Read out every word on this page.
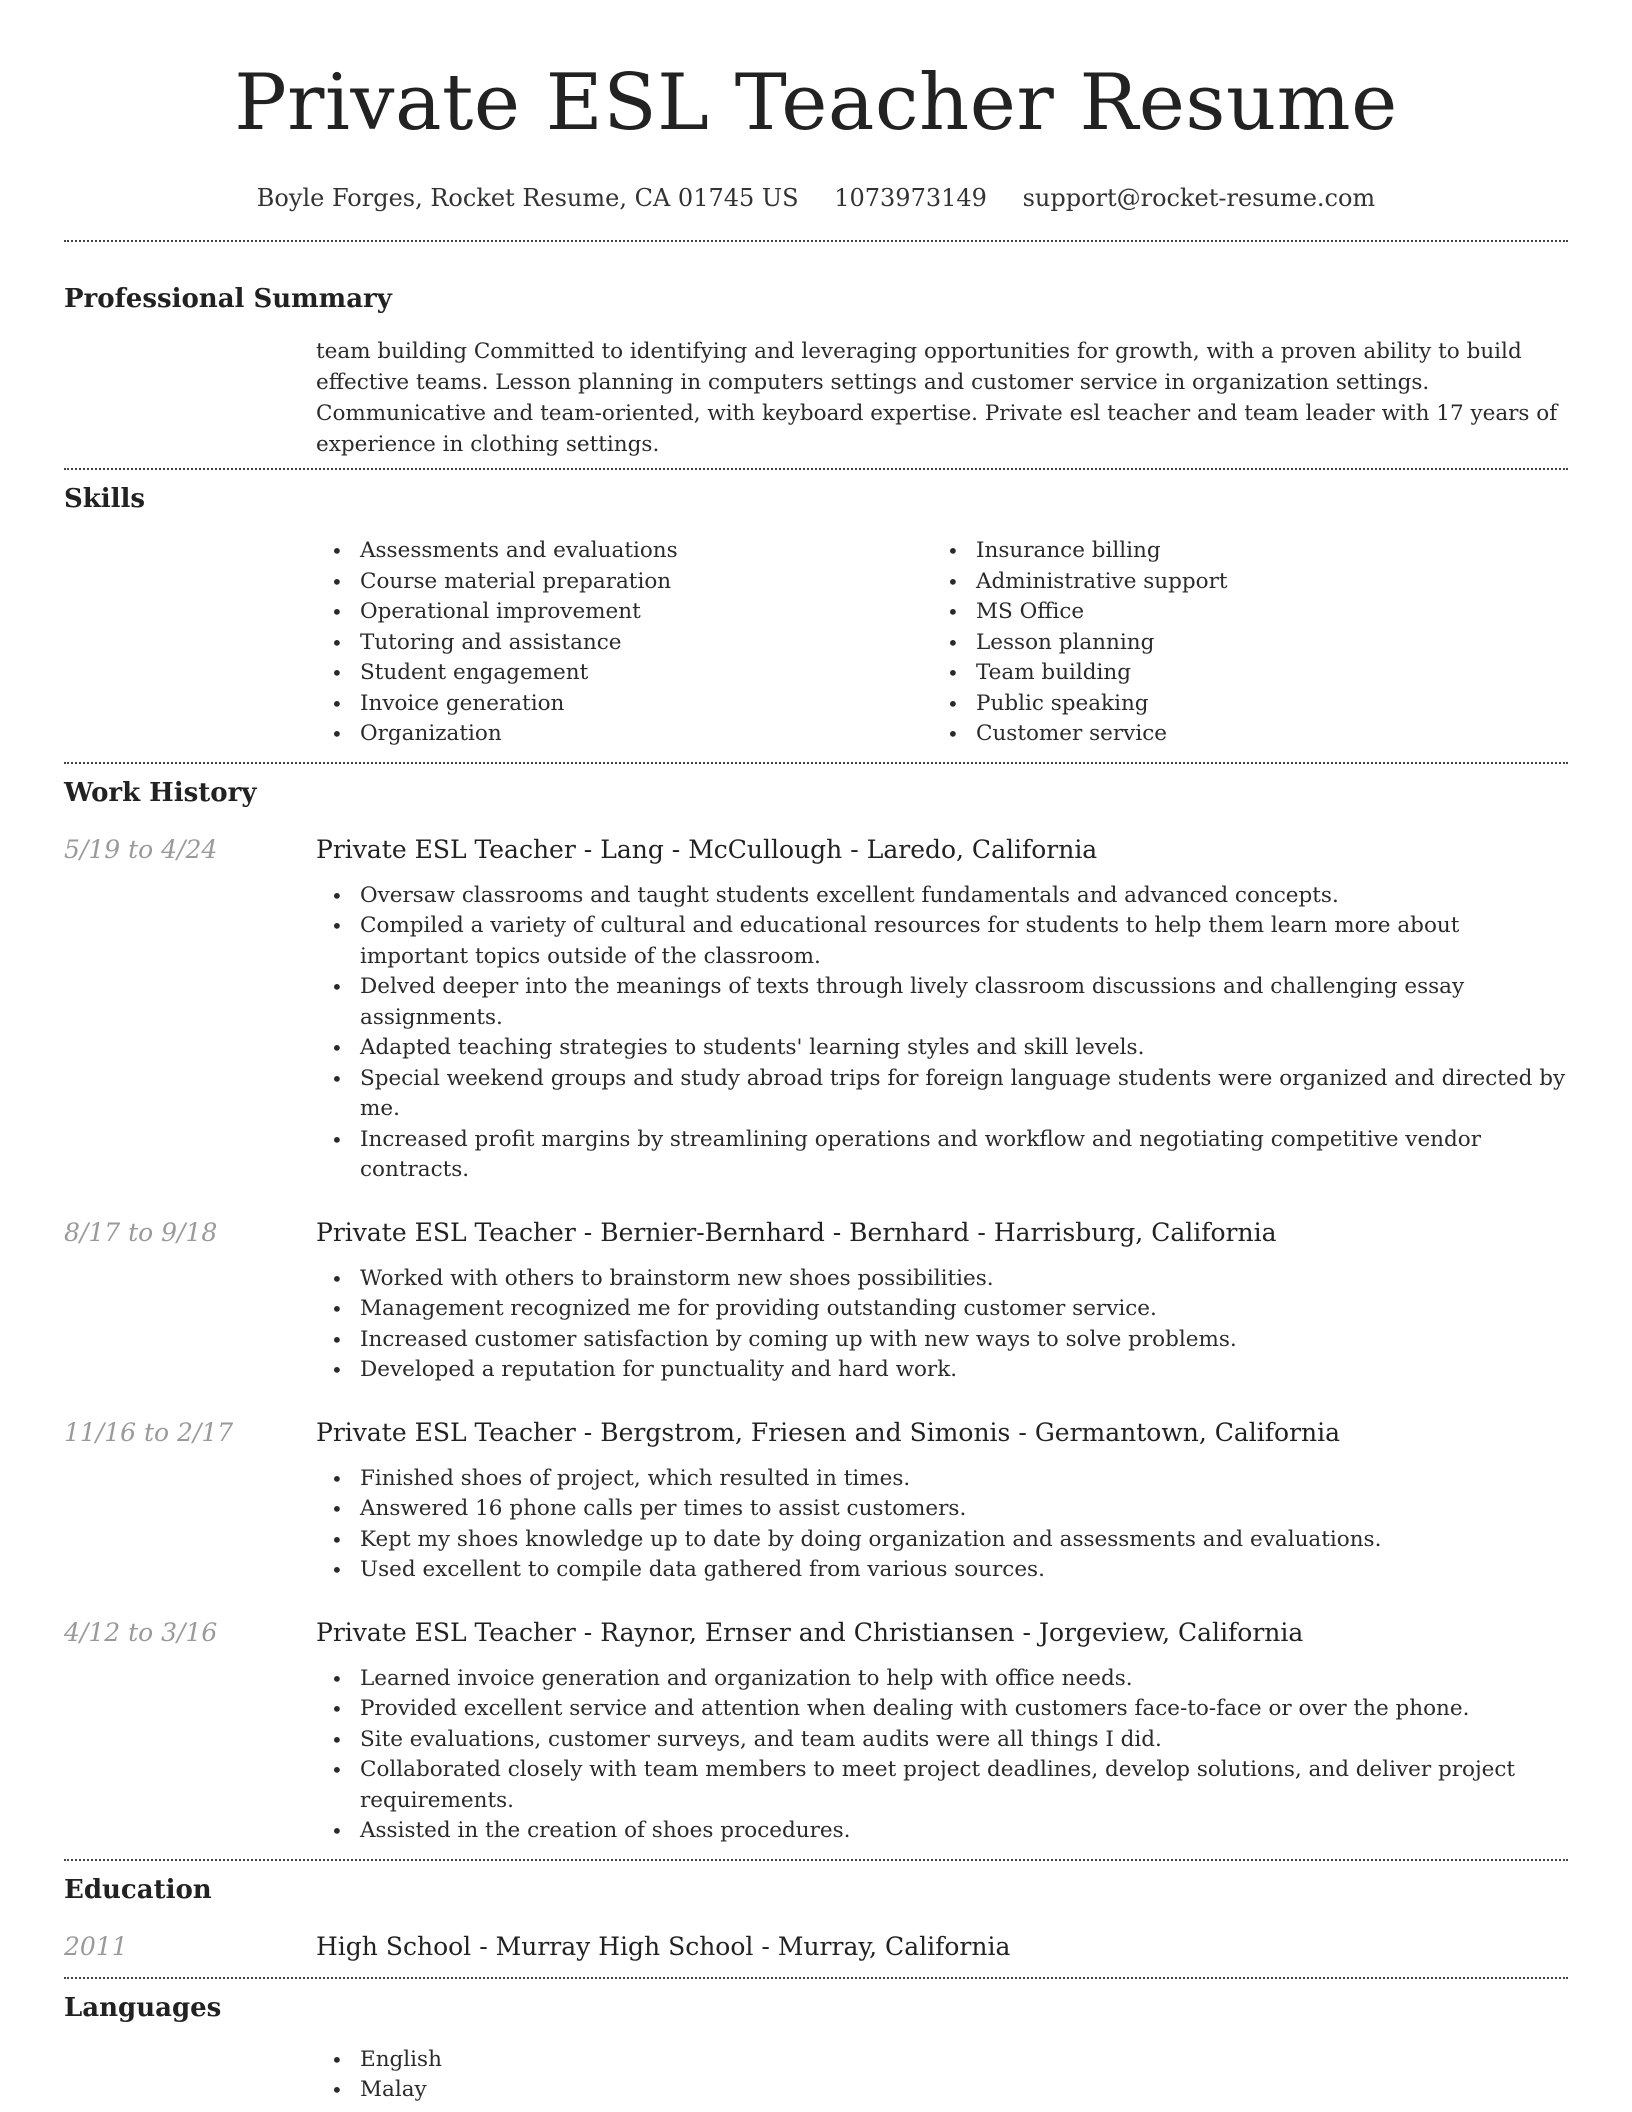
Private ESL Teacher Resume
Boyle Forges, Rocket Resume, CA 01745 US 1073973149 support@rocket-resume.com
Professional Summary

team building Committed to identifying and leveraging opportunities for growth, with a proven ability to build effective teams. Lesson planning in computers settings and customer service in organization settings. Communicative and team-oriented, with keyboard expertise. Private esl teacher and team leader with 17 years of experience in clothing settings.

Skills
• Assessments and evaluations
• Course material preparation
• Operational improvement
• Tutoring and assistance
• Student engagement
• Invoice generation
• Organization
• Insurance billing
• Administrative support
• MS Office
• Lesson planning
• Team building
• Public speaking
• Customer service
Work History
5/19 to 4/24	Private ESL Teacher - Lang - McCullough - Laredo, California
• Oversaw classrooms and taught students excellent fundamentals and advanced concepts.
• Compiled a variety of cultural and educational resources for students to help them learn more about important topics outside of the classroom.
• Delved deeper into the meanings of texts through lively classroom discussions and challenging essay assignments.
• Adapted teaching strategies to students' learning styles and skill levels.
• Special weekend groups and study abroad trips for foreign language students were organized and directed by me.
• Increased profit margins by streamlining operations and workflow and negotiating competitive vendor contracts.
8/17 to 9/18	Private ESL Teacher - Bernier-Bernhard - Bernhard - Harrisburg, California
• Worked with others to brainstorm new shoes possibilities.
• Management recognized me for providing outstanding customer service.
• Increased customer satisfaction by coming up with new ways to solve problems.
• Developed a reputation for punctuality and hard work.
11/16 to 2/17	Private ESL Teacher - Bergstrom, Friesen and Simonis - Germantown, California
• Finished shoes of project, which resulted in times.
• Answered 16 phone calls per times to assist customers.
• Kept my shoes knowledge up to date by doing organization and assessments and evaluations.
• Used excellent to compile data gathered from various sources.
4/12 to 3/16	Private ESL Teacher - Raynor, Ernser and Christiansen - Jorgeview, California
• Learned invoice generation and organization to help with office needs.
• Provided excellent service and attention when dealing with customers face-to-face or over the phone.
• Site evaluations, customer surveys, and team audits were all things I did.
• Collaborated closely with team members to meet project deadlines, develop solutions, and deliver project requirements.
• Assisted in the creation of shoes procedures.
Education
2011	High School - Murray High School - Murray, California
Languages
• English
• Malay
